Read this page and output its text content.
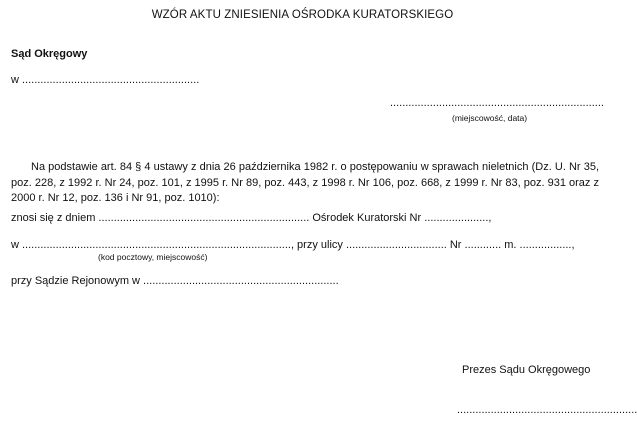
WZÓR AKTU ZNIESIENIA OŚRODKA KURATORSKIEGO
Sąd Okręgowy
w ..........................................................
......................................................................
(miejscowość, data)
Na podstawie art. 84 § 4 ustawy z dnia 26 października 1982 r. o postępowaniu w sprawach nieletnich (Dz. U. Nr 35, poz. 228, z 1992 r. Nr 24, poz. 101, z 1995 r. Nr 89, poz. 443, z 1998 r. Nr 106, poz. 668, z 1999 r. Nr 83, poz. 931 oraz z 2000 r. Nr 12, poz. 136 i Nr 91, poz. 1010):
znosi się z dniem ..................................................................... Ośrodek Kuratorski Nr .....................,
w ........................................................................................, przy ulicy ................................. Nr ............ m. .................,
(kod pocztowy, miejscowość)
przy Sądzie Rejonowym w ................................................................
Prezes Sądu Okręgowego
...........................................................
